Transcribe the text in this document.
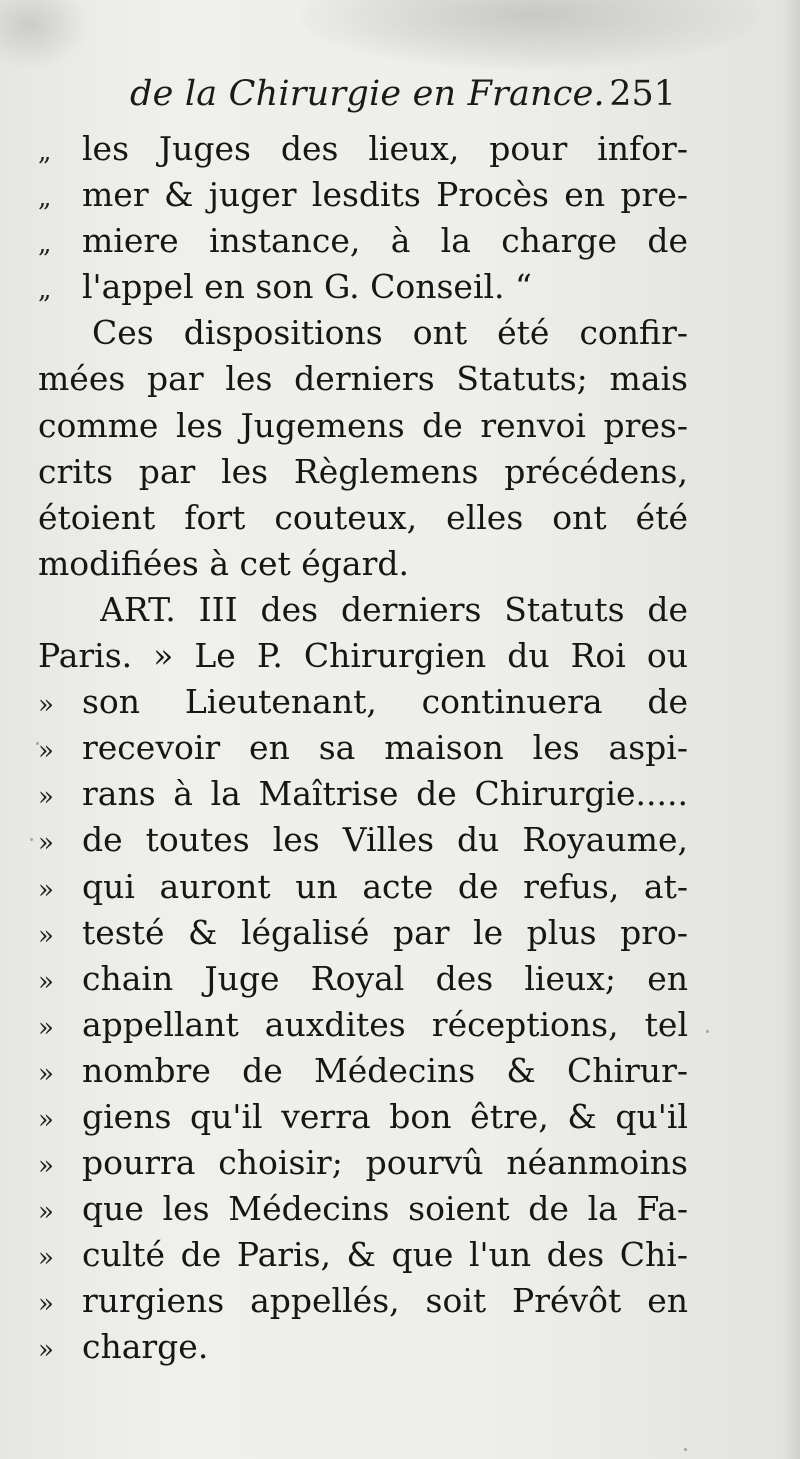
de la Chirurgie en France. 251
„ les Juges des lieux, pour infor-
„ mer & juger lesdits Procès en pre-
„ miere instance, à la charge de
„ l'appel en son G. Conseil. “
Ces dispositions ont été confir-
mées par les derniers Statuts; mais
comme les Jugemens de renvoi pres-
crits par les Règlemens précédens,
étoient fort couteux, elles ont été
modifiées à cet égard.
ART. III des derniers Statuts de
Paris. » Le P. Chirurgien du Roi ou
» son Lieutenant, continuera de
» recevoir en sa maison les aspi-
» rans à la Maîtrise de Chirurgie.....
» de toutes les Villes du Royaume,
» qui auront un acte de refus, at-
» testé & légalisé par le plus pro-
» chain Juge Royal des lieux; en
» appellant auxdites réceptions, tel
» nombre de Médecins & Chirur-
» giens qu'il verra bon être, & qu'il
» pourra choisir; pourvû néanmoins
» que les Médecins soient de la Fa-
» culté de Paris, & que l'un des Chi-
» rurgiens appellés, soit Prévôt en
» charge.
